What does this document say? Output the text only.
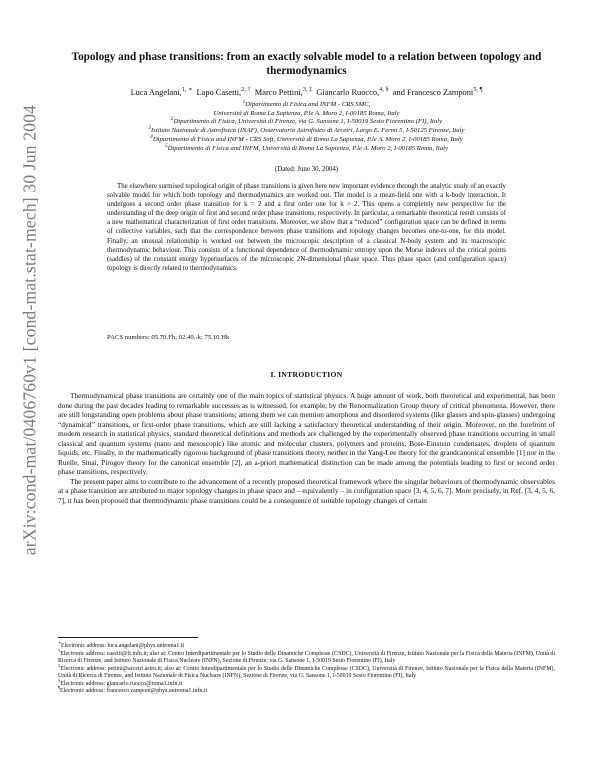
arXiv:cond-mat/0406760v1 [cond-mat.stat-mech] 30 Jun 2004
Topology and phase transitions: from an exactly solvable model to a relation between topology and thermodynamics
Luca Angelani,$^{1, ∗}$ Lapo Casetti,$^{2, \dagger}$ Marco Pettini,$^{3, \ddagger}$ Giancarlo Ruocco,$^{4, \S}$ and Francesco Zamponi$^{5, \P}$
$^1$Dipartimento di Fisica and INFM - CRS SMC,
Università di Roma La Sapienza, P.le A. Moro 2, I-00185 Roma, Italy
$^2$Dipartimento di Fisica, Università di Firenze, via G. Sansone 1, I-50019 Sesto Fiorentino (FI), Italy
$^3$Istituto Nazionale di Astrofisica (INAF), Osservatorio Astrofisico di Arcetri, Largo E. Fermi 5, I-50125 Firenze, Italy
$^4$Dipartimento di Fisica and INFM - CRS Soft, Università di Roma La Sapienza, P.le A. Moro 2, I-00185 Roma, Italy
$^5$Dipartimento di Fisica and INFM, Università di Roma La Sapienza, P.le A. Moro 2, I-00185 Roma, Italy
(Dated: June 30, 2004)
The elsewhere surmised topological origin of phase transitions is given here new important evidence through the analytic study of an exactly solvable model for which both topology and thermodynamics are worked out. The model is a mean-field one with a k-body interaction. It undergoes a second order phase transition for k = 2 and a first order one for k > 2. This opens a completely new perspective for the understanding of the deep origin of first and second order phase transitions, respectively. In particular, a remarkable theoretical result consists of a new mathematical characterization of first order transitions. Moreover, we show that a “reduced” configuration space can be defined in terms of collective variables, such that the correspondence between phase transitions and topology changes becomes one-to-one, for this model. Finally, an unusual relationship is worked out between the microscopic description of a classical N-body system and its macroscopic thermodynamic behaviour. This consists of a functional dependence of thermodynamic entropy upon the Morse indexes of the critical points (saddles) of the constant energy hypersurfaces of the microscopic 2N-dimensional phase space. Thus phase space (and configuration space) topology is directly related to thermodynamics.
PACS numbers: 05.70.Fh; 02.40.-k; 75.10.Hk
I. INTRODUCTION

Thermodynamical phase transitions are certainly one of the main topics of statistical physics. A huge amount of work, both theoretical and experimental, has been done during the past decades leading to remarkable successes as is witnessed, for example, by the Renormalization Group theory of critical phenomena. However, there are still longstanding open problems about phase transitions; among them we can mention amorphous and disordered systems (like glasses and spin-glasses) undergoing “dynamical” transitions, or first-order phase transitions, which are still lacking a satisfactory theoretical understanding of their origin. Moreover, on the forefront of modern research in statistical physics, standard theoretical definitions and methods are challenged by the experimentally observed phase transitions occurring in small classical and quantum systems (nano and mesoscopic) like atomic and molecular clusters, polymers and proteins, Bose-Einstein condensates, droplets of quantum liquids, etc. Finally, in the mathematically rigorous background of phase transitions theory, neither in the Yang-Lee theory for the grandcanonical ensemble [1] nor in the Ruelle, Sinai, Pirogov theory for the canonical ensemble [2], an a-priori mathematical distinction can be made among the potentials leading to first or second order phase transitions, respectively.

The present paper aims to contribute to the advancement of a recently proposed theoretical framework where the singular behaviours of thermodynamic observables at a phase transition are attributed to major topology changes in phase space and – equivalently – in configuration space [3, 4, 5, 6, 7]. More precisely, in Ref. [3, 4, 5, 6, 7], it has been proposed that thermodynamic phase transitions could be a consequence of suitable topology changes of certain

∗Electronic address: luca.angelani@phys.uniroma1.it

†Electronic address: casetti@fi.infn.it; also at: Centro Interdipartimentale per lo Studio delle Dinamiche Complesse (CSDC), Università di Firenze, Istituto Nazionale per la Fisica della Materia (INFM), Unità di Ricerca di Firenze, and Istituto Nazionale di Fisica Nucleare (INFN), Sezione di Firenze, via G. Sansone 1, I-50019 Sesto Fiorentino (FI), Italy

‡Electronic address: pettini@arcetri.astro.it; also at: Centro Interdipartimentale per lo Studio delle Dinamiche Complesse (CSDC), Università di Firenze, Istituto Nazionale per la Fisica della Materia (INFM), Unità di Ricerca di Firenze, and Istituto Nazionale di Fisica Nucleare (INFN), Sezione di Firenze, via G. Sansone 1, I-50019 Sesto Fiorentino (FI), Italy

§Electronic address: giancarlo.ruocco@roma1.infn.it

¶Electronic address: francesco.zamponi@phys.uniroma1.infn.it
